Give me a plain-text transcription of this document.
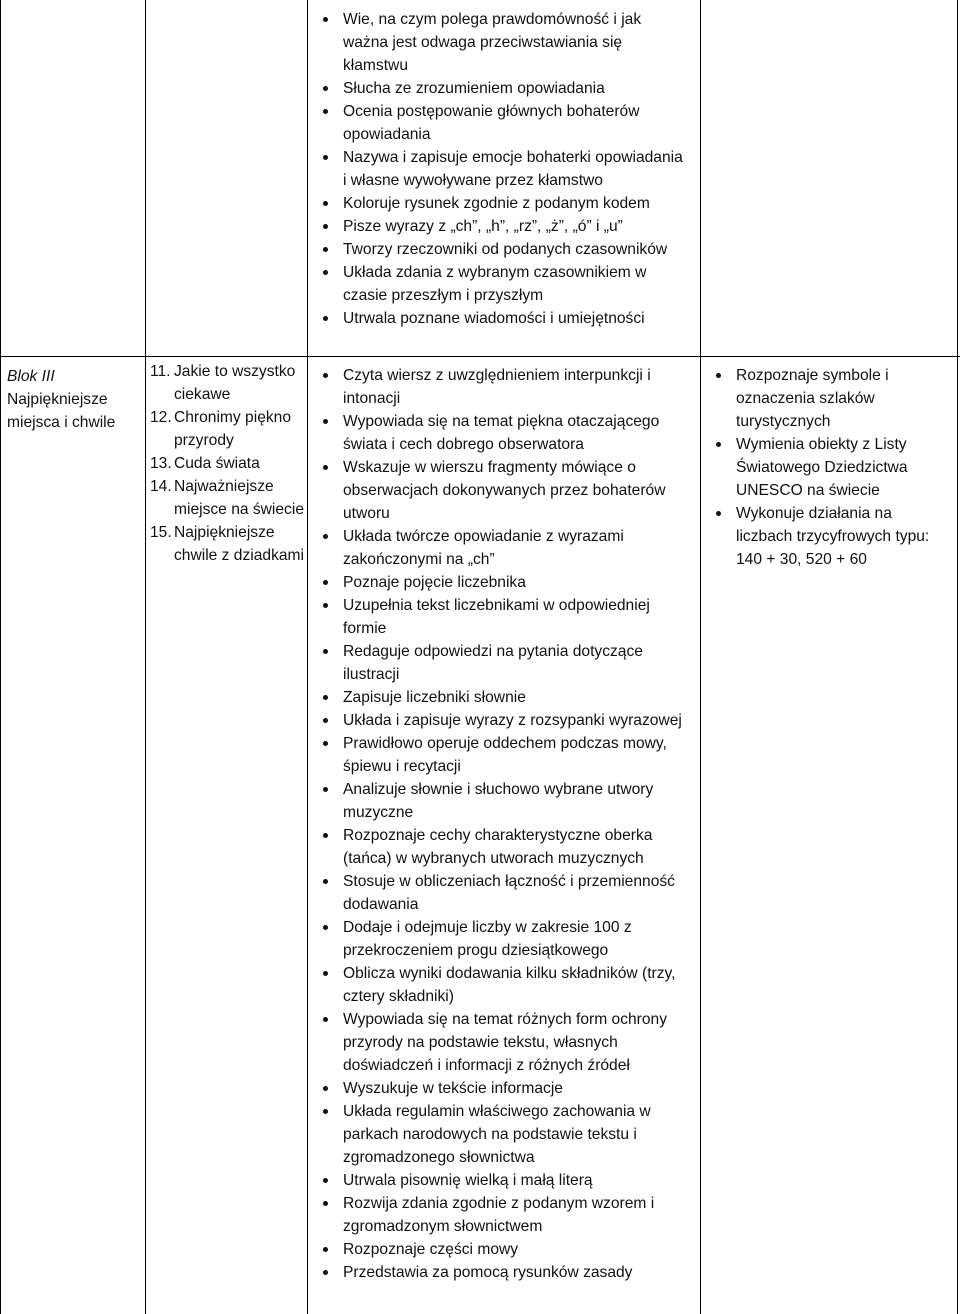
Wie, na czym polega prawdomówność i jak ważna jest odwaga przeciwstawiania się kłamstwu
Słucha ze zrozumieniem opowiadania
Ocenia postępowanie głównych bohaterów opowiadania
Nazywa i zapisuje emocje bohaterki opowiadania i własne wywoływane przez kłamstwo
Koloruje rysunek zgodnie z podanym kodem
Pisze wyrazy z „ch”, „h”, „rz”, „ż”, „ó” i „u”
Tworzy rzeczowniki od podanych czasowników
Układa zdania z wybranym czasownikiem w czasie przeszłym i przyszłym
Utrwala poznane wiadomości i umiejętności
Blok III
Najpiękniejsze
miejsca i chwile
11. Jakie to wszystko
ciekawe
12. Chronimy piękno
przyrody
13. Cuda świata
14. Najważniejsze
miejsce na świecie
15. Najpiękniejsze
chwile z dziadkami
Czyta wiersz z uwzględnieniem interpunkcji i intonacji
Wypowiada się na temat piękna otaczającego świata i cech dobrego obserwatora
Wskazuje w wierszu fragmenty mówiące o obserwacjach dokonywanych przez bohaterów utworu
Układa twórcze opowiadanie z wyrazami zakończonymi na „ch”
Poznaje pojęcie liczebnika
Uzupełnia tekst liczebnikami w odpowiedniej formie
Redaguje odpowiedzi na pytania dotyczące ilustracji
Zapisuje liczebniki słownie
Układa i zapisuje wyrazy z rozsypanki wyrazowej
Prawidłowo operuje oddechem podczas mowy, śpiewu i recytacji
Analizuje słownie i słuchowo wybrane utwory muzyczne
Rozpoznaje cechy charakterystyczne oberka (tańca) w wybranych utworach muzycznych
Stosuje w obliczeniach łączność i przemienność dodawania
Dodaje i odejmuje liczby w zakresie 100 z przekroczeniem progu dziesiątkowego
Oblicza wyniki dodawania kilku składników (trzy, cztery składniki)
Wypowiada się na temat różnych form ochrony przyrody na podstawie tekstu, własnych doświadczeń i informacji z różnych źródeł
Wyszukuje w tekście informacje
Układa regulamin właściwego zachowania w parkach narodowych na podstawie tekstu i zgromadzonego słownictwa
Utrwala pisownię wielką i małą literą
Rozwija zdania zgodnie z podanym wzorem i zgromadzonym słownictwem
Rozpoznaje części mowy
Przedstawia za pomocą rysunków zasady
Rozpoznaje symbole i oznaczenia szlaków turystycznych
Wymienia obiekty z Listy Światowego Dziedzictwa UNESCO na świecie
Wykonuje działania na liczbach trzycyfrowych typu: 140 + 30, 520 + 60
